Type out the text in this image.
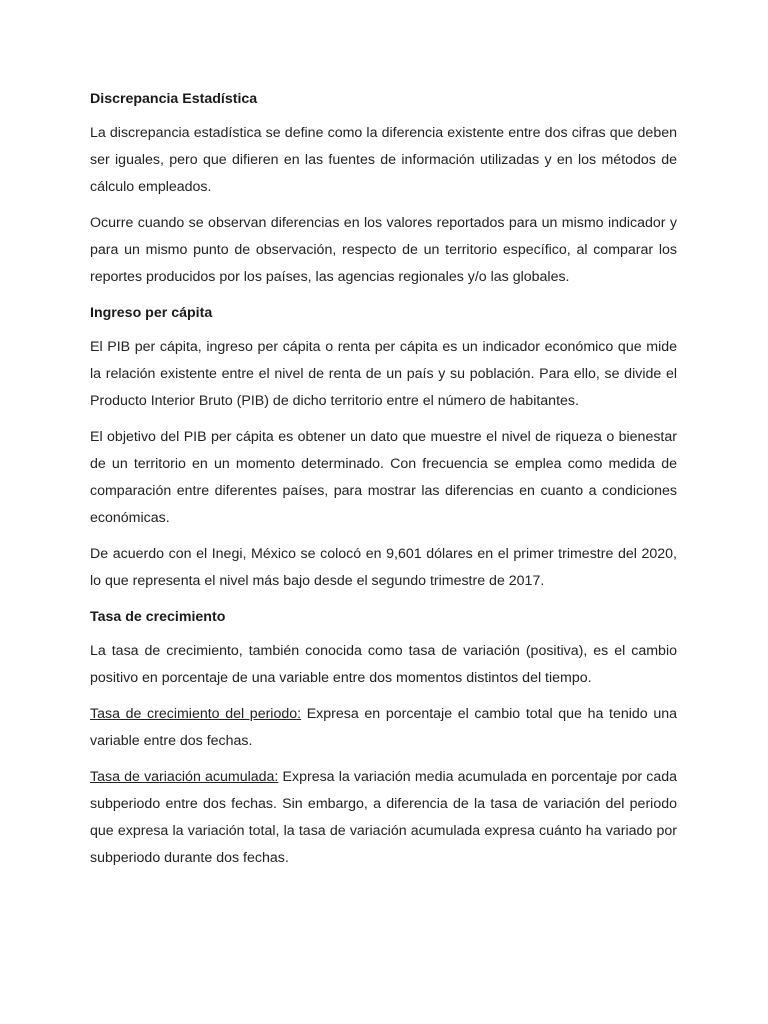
Discrepancia Estadística

La discrepancia estadística se define como la diferencia existente entre dos cifras que deben ser iguales, pero que difieren en las fuentes de información utilizadas y en los métodos de cálculo empleados.

Ocurre cuando se observan diferencias en los valores reportados para un mismo indicador y para un mismo punto de observación, respecto de un territorio específico, al comparar los reportes producidos por los países, las agencias regionales y/o las globales.

Ingreso per cápita

El PIB per cápita, ingreso per cápita o renta per cápita es un indicador económico que mide la relación existente entre el nivel de renta de un país y su población. Para ello, se divide el Producto Interior Bruto (PIB) de dicho territorio entre el número de habitantes.

El objetivo del PIB per cápita es obtener un dato que muestre el nivel de riqueza o bienestar de un territorio en un momento determinado. Con frecuencia se emplea como medida de comparación entre diferentes países, para mostrar las diferencias en cuanto a condiciones económicas.

De acuerdo con el Inegi, México se colocó en 9,601 dólares en el primer trimestre del 2020, lo que representa el nivel más bajo desde el segundo trimestre de 2017.

Tasa de crecimiento

La tasa de crecimiento, también conocida como tasa de variación (positiva), es el cambio positivo en porcentaje de una variable entre dos momentos distintos del tiempo.

Tasa de crecimiento del periodo: Expresa en porcentaje el cambio total que ha tenido una variable entre dos fechas.

Tasa de variación acumulada: Expresa la variación media acumulada en porcentaje por cada subperiodo entre dos fechas. Sin embargo, a diferencia de la tasa de variación del periodo que expresa la variación total, la tasa de variación acumulada expresa cuánto ha variado por subperiodo durante dos fechas.
